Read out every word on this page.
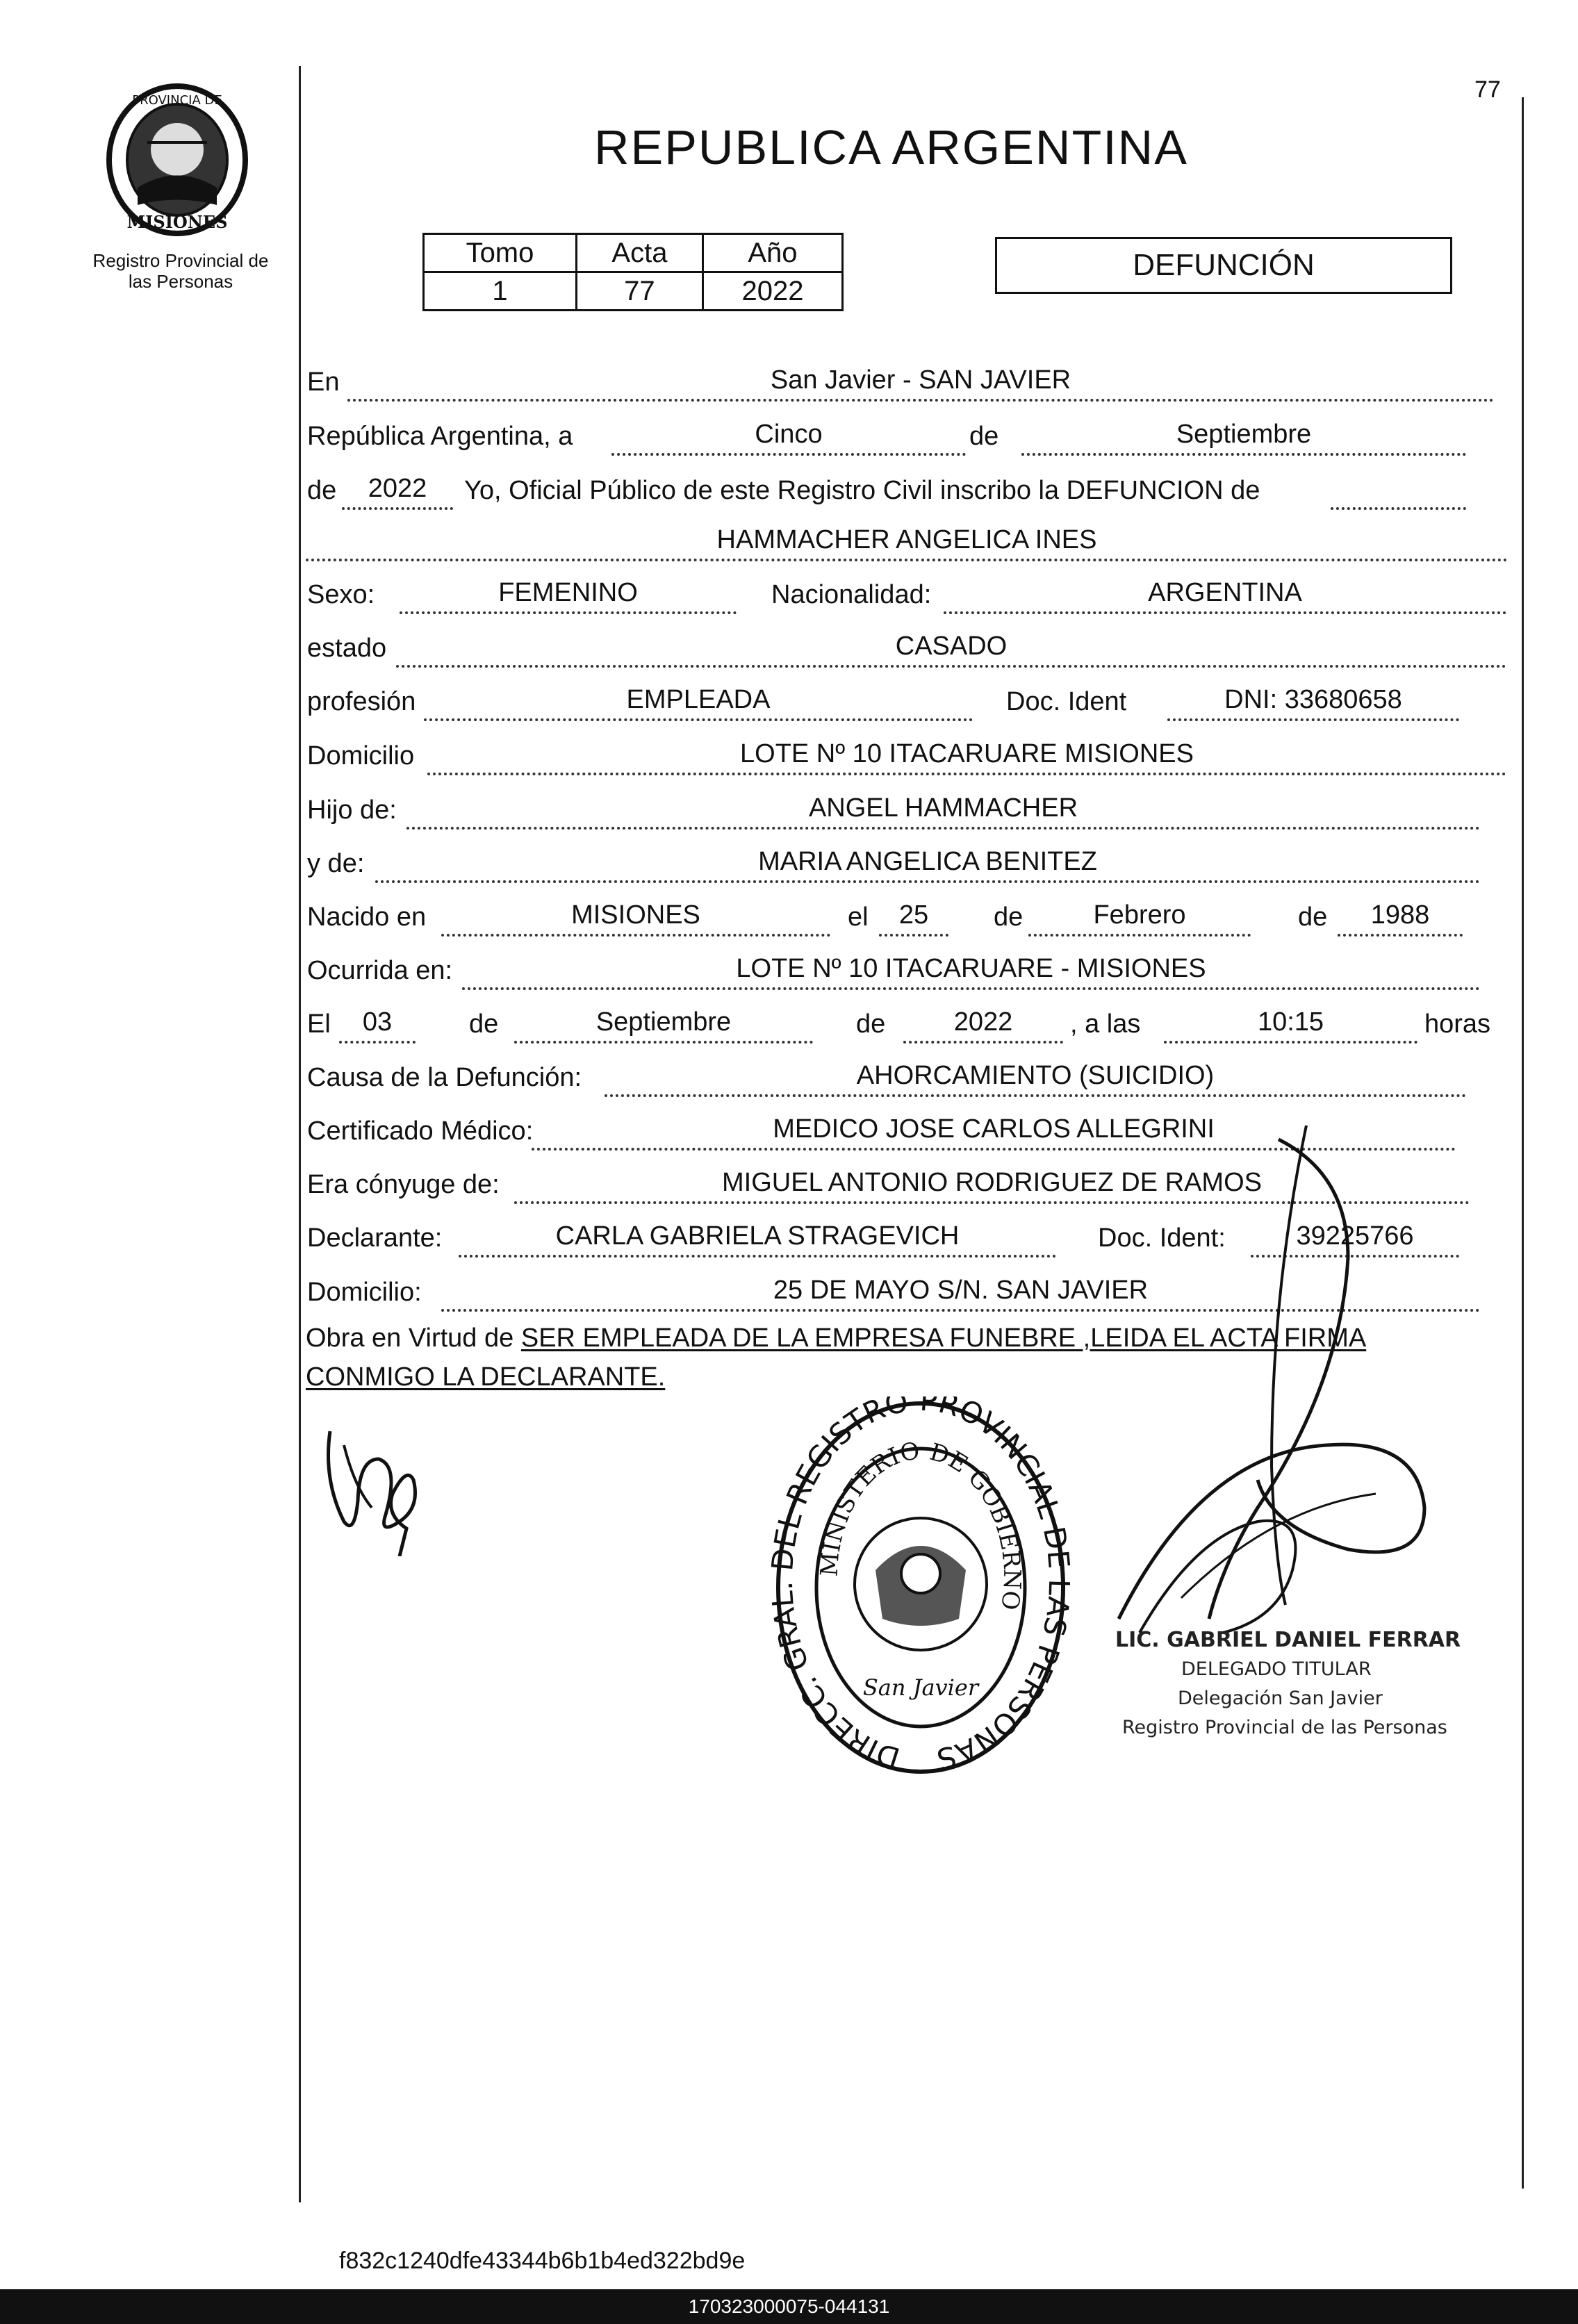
77
PROVINCIA DE
MISIONES
Registro Provincial de
las Personas
REPUBLICA ARGENTINA
Tomo	Acta	Año
1	77	2022
DEFUNCIÓN
En	San Javier - SAN JAVIER
República Argentina, a	Cinco	de	Septiembre
de	2022	Yo, Oficial Público de este Registro Civil inscribo la DEFUNCION de
HAMMACHER ANGELICA INES
Sexo:	FEMENINO	Nacionalidad:	ARGENTINA
estado	CASADO
profesión	EMPLEADA	Doc. Ident	DNI: 33680658
Domicilio	LOTE Nº 10 ITACARUARE MISIONES
Hijo de:	ANGEL HAMMACHER
y de:	MARIA ANGELICA BENITEZ
Nacido en	MISIONES	el	25	de	Febrero	de	1988
Ocurrida en:	LOTE Nº 10 ITACARUARE - MISIONES
El	03	de	Septiembre	de	2022	, a las	10:15	horas
Causa de la Defunción:	AHORCAMIENTO (SUICIDIO)
Certificado Médico:	MEDICO JOSE CARLOS ALLEGRINI
Era cónyuge de:	MIGUEL ANTONIO RODRIGUEZ DE RAMOS
Declarante:	CARLA GABRIELA STRAGEVICH	Doc. Ident:	39225766
Domicilio:	25 DE MAYO S/N. SAN JAVIER
Obra en Virtud de SER EMPLEADA DE LA EMPRESA FUNEBRE ,LEIDA EL ACTA FIRMA
CONMIGO LA DECLARANTE.
DIRECC. GR L REGISTRO PROVINCIAL S PERSONAS
MINISTERIO DE GOBIERNO
San Javier
LIC. GABRIEL DANIEL FERRAR
DELEGADO TITULAR
Delegación San Javier
Registro Provincial de las Personas
f832c1240dfe43344b6b1b4ed322bd9e
170323000075-044131
